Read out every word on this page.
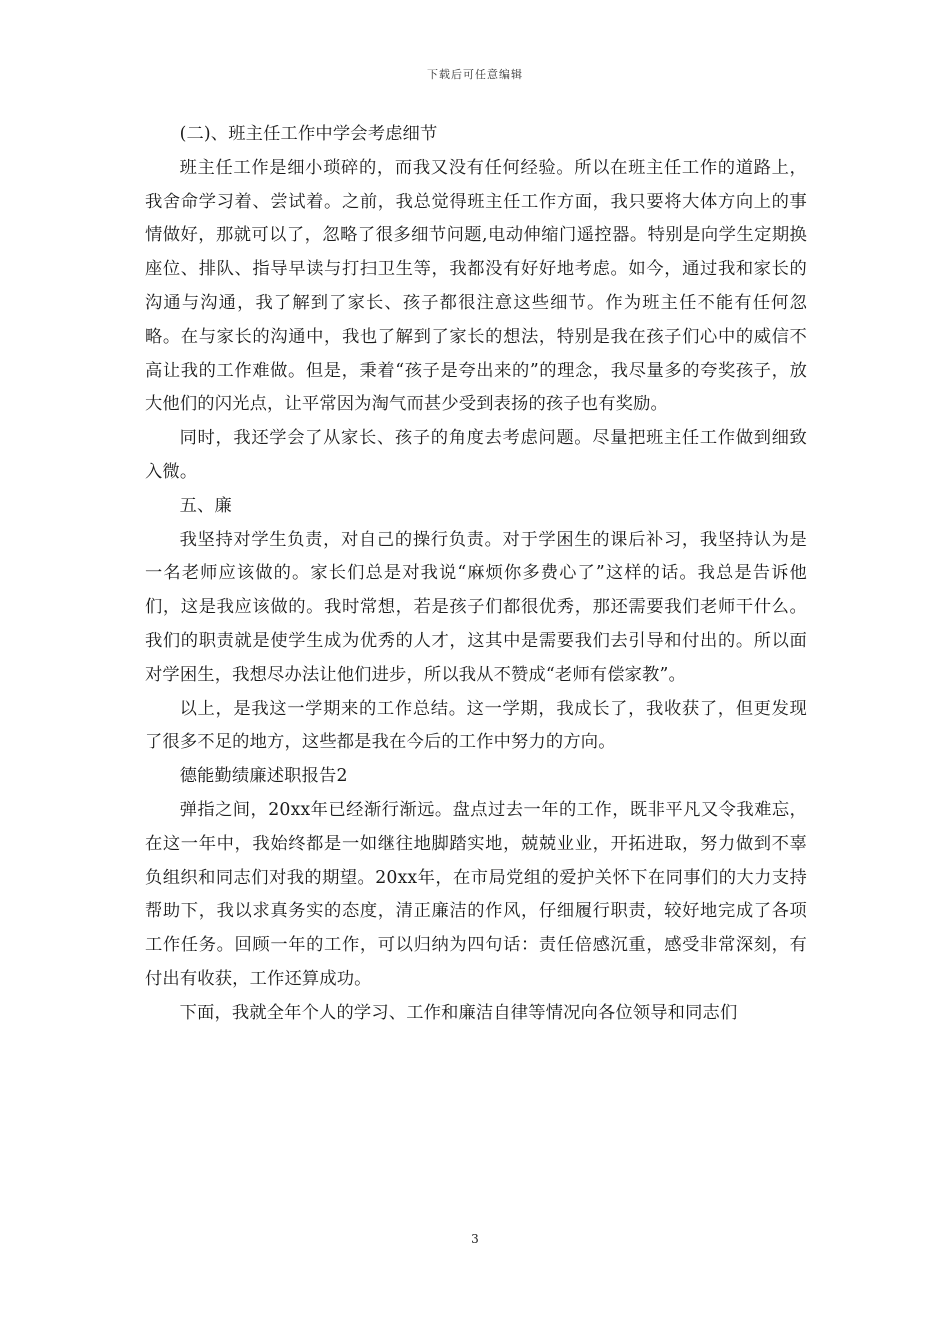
下载后可任意编辑

(二)、班主任工作中学会考虑细节

班主任工作是细小琐碎的，而我又没有任何经验。所以在班主任工作的道路上，我舍命学习着、尝试着。之前，我总觉得班主任工作方面，我只要将大体方向上的事情做好，那就可以了，忽略了很多细节问题,电动伸缩门遥控器。特别是向学生定期换座位、排队、指导早读与打扫卫生等，我都没有好好地考虑。如今，通过我和家长的沟通与沟通，我了解到了家长、孩子都很注意这些细节。作为班主任不能有任何忽略。在与家长的沟通中，我也了解到了家长的想法，特别是我在孩子们心中的威信不高让我的工作难做。但是，秉着“孩子是夸出来的”的理念，我尽量多的夸奖孩子，放大他们的闪光点，让平常因为淘气而甚少受到表扬的孩子也有奖励。

同时，我还学会了从家长、孩子的角度去考虑问题。尽量把班主任工作做到细致入微。

五、廉

我坚持对学生负责，对自己的操行负责。对于学困生的课后补习，我坚持认为是一名老师应该做的。家长们总是对我说“麻烦你多费心了”这样的话。我总是告诉他们，这是我应该做的。我时常想，若是孩子们都很优秀，那还需要我们老师干什么。我们的职责就是使学生成为优秀的人才，这其中是需要我们去引导和付出的。所以面对学困生，我想尽办法让他们进步，所以我从不赞成“老师有偿家教”。

以上，是我这一学期来的工作总结。这一学期，我成长了，我收获了，但更发现了很多不足的地方，这些都是我在今后的工作中努力的方向。

德能勤绩廉述职报告2

弹指之间，20xx年已经渐行渐远。盘点过去一年的工作，既非平凡又令我难忘，在这一年中，我始终都是一如继往地脚踏实地，兢兢业业，开拓进取，努力做到不辜负组织和同志们对我的期望。20xx年，在市局党组的爱护关怀下在同事们的大力支持帮助下，我以求真务实的态度，清正廉洁的作风，仔细履行职责，较好地完成了各项工作任务。回顾一年的工作，可以归纳为四句话：责任倍感沉重，感受非常深刻，有付出有收获，工作还算成功。

下面，我就全年个人的学习、工作和廉洁自律等情况向各位领导和同志们

3
